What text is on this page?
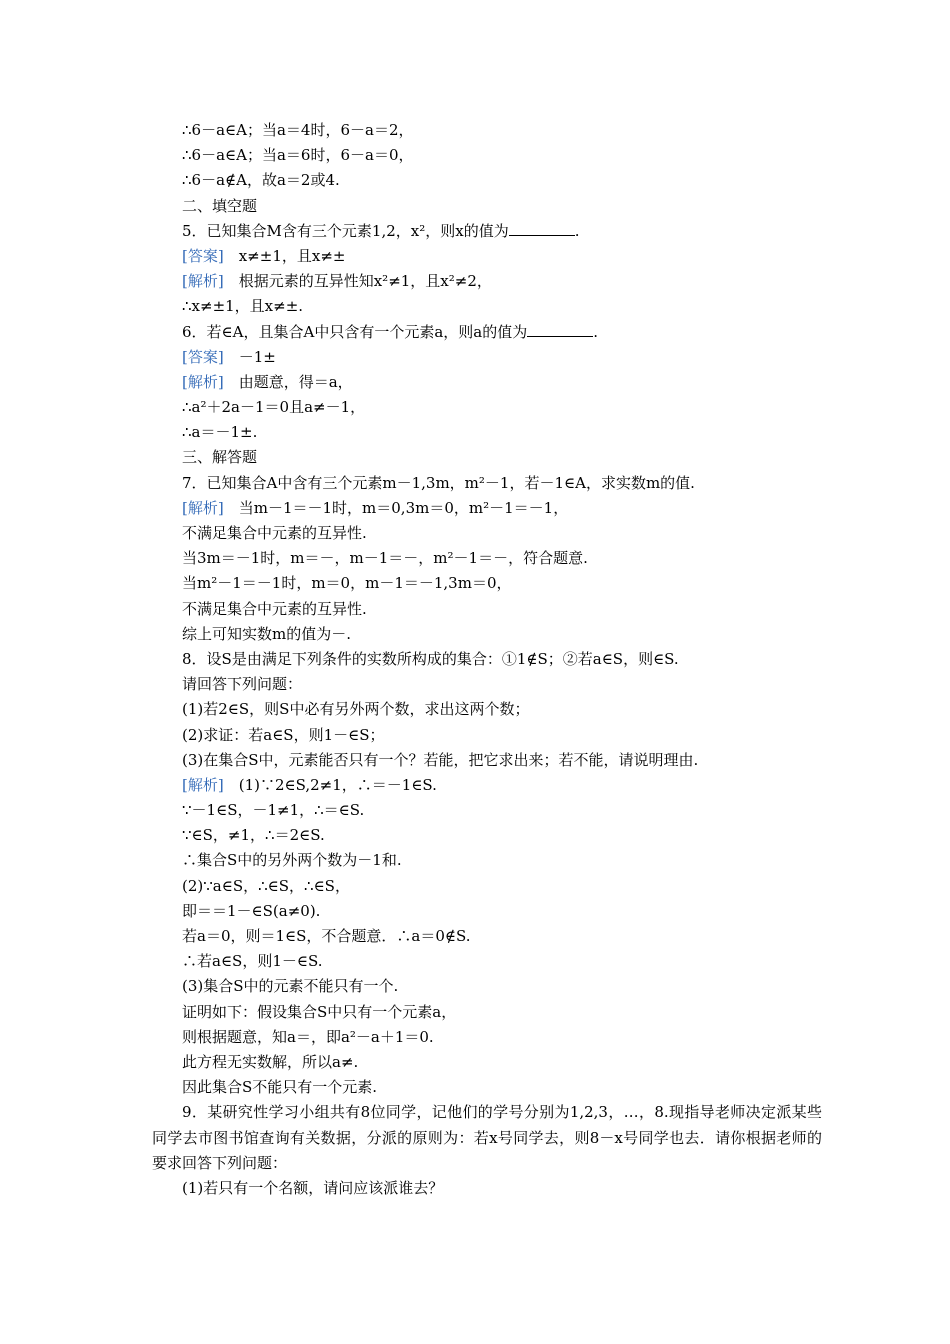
∴6－a∈A；当a＝4时，6－a＝2，
∴6－a∈A；当a＝6时，6－a＝0，
∴6－a∉A，故a＝2或4.
二、填空题
5．已知集合M含有三个元素1,2，x²，则x的值为	.
[答案]　x≠±1，且x≠±
[解析]　根据元素的互异性知x²≠1，且x²≠2，
∴x≠±1，且x≠±.
6．若∈A，且集合A中只含有一个元素a，则a的值为	.
[答案]　－1±
[解析]　由题意，得＝a，
∴a²＋2a－1＝0且a≠－1，
∴a＝－1±.
三、解答题
7．已知集合A中含有三个元素m－1,3m，m²－1，若－1∈A，求实数m的值.
[解析]　当m－1＝－1时，m＝0,3m＝0，m²－1＝－1，
不满足集合中元素的互异性.
当3m＝－1时，m＝－，m－1＝－，m²－1＝－，符合题意.
当m²－1＝－1时，m＝0，m－1＝－1,3m＝0，
不满足集合中元素的互异性.
综上可知实数m的值为－.
8．设S是由满足下列条件的实数所构成的集合：①1∉S；②若a∈S，则∈S.
请回答下列问题：
(1)若2∈S，则S中必有另外两个数，求出这两个数；
(2)求证：若a∈S，则1－∈S；
(3)在集合S中，元素能否只有一个？若能，把它求出来；若不能，请说明理由.
[解析]　(1)∵2∈S,2≠1，∴＝－1∈S.
∵－1∈S，－1≠1，∴＝∈S.
∵∈S，≠1，∴＝2∈S.
∴集合S中的另外两个数为－1和.
(2)∵a∈S，∴∈S，∴∈S，
即＝＝1－∈S(a≠0).
若a＝0，则＝1∈S，不合题意．∴a＝0∉S.
∴若a∈S，则1－∈S.
(3)集合S中的元素不能只有一个.
证明如下：假设集合S中只有一个元素a，
则根据题意，知a＝，即a²－a＋1＝0.
此方程无实数解，所以a≠.
因此集合S不能只有一个元素.
9．某研究性学习小组共有8位同学，记他们的学号分别为1,2,3，…，8.现指导老师决定派某些同学去市图书馆查询有关数据，分派的原则为：若x号同学去，则8－x号同学也去．请你根据老师的要求回答下列问题：
(1)若只有一个名额，请问应该派谁去？
